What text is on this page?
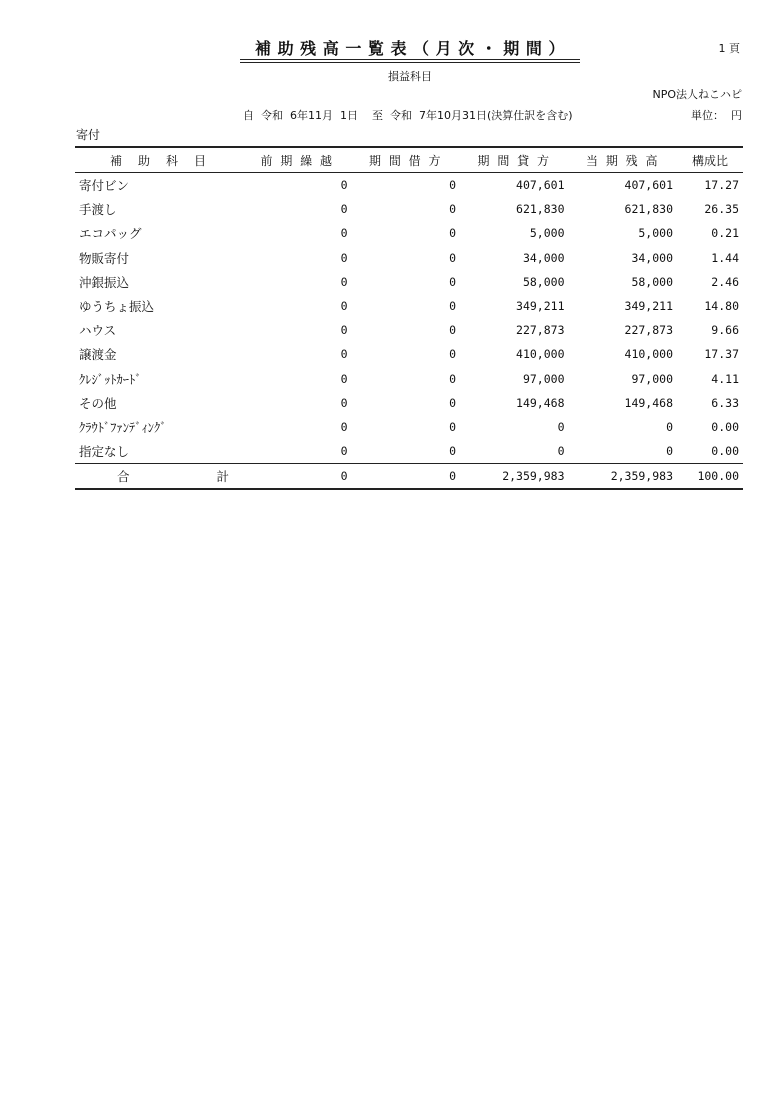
補 助 残 高 一 覧 表 （ 月 次 ・ 期 間 ）	1 頁
損益科目
NPO法人ねこハピ
自  令和  6年11月  1日    至  令和  7年10月31日(決算仕訳を含む)	単位：  円
寄付
補　助　科　目	前 期 繰 越	期 間 借 方	期 間 貸 方	当 期 残 高	構成比
寄付ビン	0	0	407,601	407,601	17.27
手渡し	0	0	621,830	621,830	26.35
エコパッグ	0	0	5,000	5,000	0.21
物販寄付	0	0	34,000	34,000	1.44
沖銀振込	0	0	58,000	58,000	2.46
ゆうちょ振込	0	0	349,211	349,211	14.80
ハウス	0	0	227,873	227,873	9.66
譲渡金	0	0	410,000	410,000	17.37
ｸﾚｼﾞｯﾄｶｰﾄﾞ	0	0	97,000	97,000	4.11
その他	0	0	149,468	149,468	6.33
ｸﾗｳﾄﾞﾌｧﾝﾃﾞｨﾝｸﾞ	0	0	0	0	0.00
指定なし	0	0	0	0	0.00

合 計	0	0	2,359,983	2,359,983	100.00
